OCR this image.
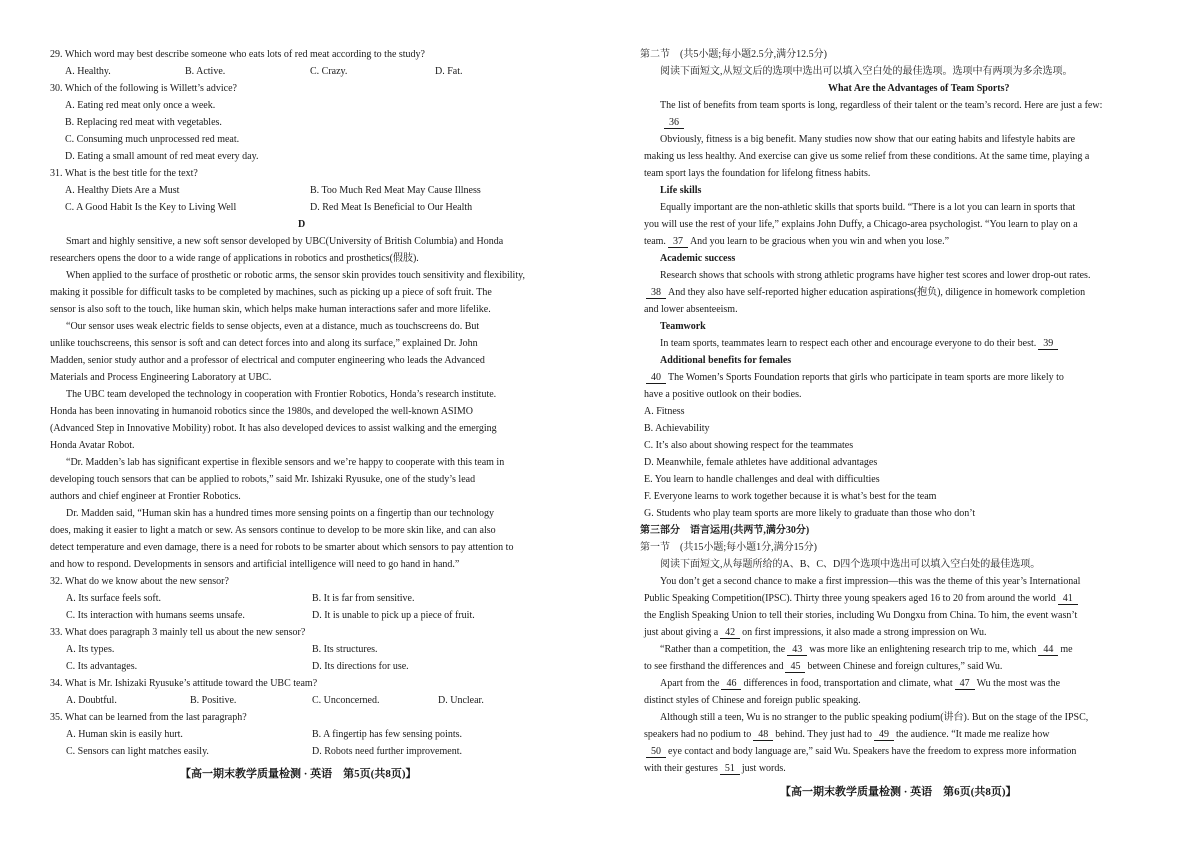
29. Which word may best describe someone who eats lots of red meat according to the study?
A. Healthy.	B. Active.	C. Crazy.	D. Fat.
30. Which of the following is Willett’s advice?
A. Eating red meat only once a week.
B. Replacing red meat with vegetables.
C. Consuming much unprocessed red meat.
D. Eating a small amount of red meat every day.
31. What is the best title for the text?
A. Healthy Diets Are a Must	B. Too Much Red Meat May Cause Illness
C. A Good Habit Is the Key to Living Well	D. Red Meat Is Beneficial to Our Health
D
Smart and highly sensitive, a new soft sensor developed by UBC(University of British Columbia) and Honda
researchers opens the door to a wide range of applications in robotics and prosthetics(假肢).
When applied to the surface of prosthetic or robotic arms, the sensor skin provides touch sensitivity and flexibility,
making it possible for difficult tasks to be completed by machines, such as picking up a piece of soft fruit. The
sensor is also soft to the touch, like human skin, which helps make human interactions safer and more lifelike.
“Our sensor uses weak electric fields to sense objects, even at a distance, much as touchscreens do. But
unlike touchscreens, this sensor is soft and can detect forces into and along its surface,” explained Dr. John
Madden, senior study author and a professor of electrical and computer engineering who leads the Advanced
Materials and Process Engineering Laboratory at UBC.
The UBC team developed the technology in cooperation with Frontier Robotics, Honda’s research institute.
Honda has been innovating in humanoid robotics since the 1980s, and developed the well-known ASIMO
(Advanced Step in Innovative Mobility) robot. It has also developed devices to assist walking and the emerging
Honda Avatar Robot.
“Dr. Madden’s lab has significant expertise in flexible sensors and we’re happy to cooperate with this team in
developing touch sensors that can be applied to robots,” said Mr. Ishizaki Ryusuke, one of the study’s lead
authors and chief engineer at Frontier Robotics.
Dr. Madden said, “Human skin has a hundred times more sensing points on a fingertip than our technology
does, making it easier to light a match or sew. As sensors continue to develop to be more skin like, and can also
detect temperature and even damage, there is a need for robots to be smarter about which sensors to pay attention to
and how to respond. Developments in sensors and artificial intelligence will need to go hand in hand.”
32. What do we know about the new sensor?
A. Its surface feels soft.	B. It is far from sensitive.
C. Its interaction with humans seems unsafe.	D. It is unable to pick up a piece of fruit.
33. What does paragraph 3 mainly tell us about the new sensor?
A. Its types.	B. Its structures.
C. Its advantages.	D. Its directions for use.
34. What is Mr. Ishizaki Ryusuke’s attitude toward the UBC team?
A. Doubtful.	B. Positive.	C. Unconcerned.	D. Unclear.
35. What can be learned from the last paragraph?
A. Human skin is easily hurt.	B. A fingertip has few sensing points.
C. Sensors can light matches easily.	D. Robots need further improvement.
【高一期末教学质量检测 · 英语　第5页(共8页)】
第二节　(共5小题;每小题2.5分,满分12.5分)
阅读下面短文,从短文后的选项中选出可以填入空白处的最佳选项。选项中有两项为多余选项。
What Are the Advantages of Team Sports?
The list of benefits from team sports is long, regardless of their talent or the team’s record. Here are just a few:
36
Obviously, fitness is a big benefit. Many studies now show that our eating habits and lifestyle habits are
making us less healthy. And exercise can give us some relief from these conditions. At the same time, playing a
team sport lays the foundation for lifelong fitness habits.
Life skills
Equally important are the non-athletic skills that sports build. “There is a lot you can learn in sports that
you will use the rest of your life,” explains John Duffy, a Chicago-area psychologist. “You learn to play on a
team. 37 And you learn to be gracious when you win and when you lose.”
Academic success
Research shows that schools with strong athletic programs have higher test scores and lower drop-out rates.
38 And they also have self-reported higher education aspirations(抱负), diligence in homework completion
and lower absenteeism.
Teamwork
In team sports, teammates learn to respect each other and encourage everyone to do their best. 39
Additional benefits for females
40 The Women’s Sports Foundation reports that girls who participate in team sports are more likely to
have a positive outlook on their bodies.
A. Fitness
B. Achievability
C. It’s also about showing respect for the teammates
D. Meanwhile, female athletes have additional advantages
E. You learn to handle challenges and deal with difficulties
F. Everyone learns to work together because it is what’s best for the team
G. Students who play team sports are more likely to graduate than those who don’t
第三部分　语言运用(共两节,满分30分)
第一节　(共15小题;每小题1分,满分15分)
阅读下面短文,从每题所给的A、B、C、D四个选项中选出可以填入空白处的最佳选项。
You don’t get a second chance to make a first impression—this was the theme of this year’s International
Public Speaking Competition(IPSC). Thirty three young speakers aged 16 to 20 from around the world 41
the English Speaking Union to tell their stories, including Wu Dongxu from China. To him, the event wasn’t
just about giving a 42 on first impressions, it also made a strong impression on Wu.
“Rather than a competition, the 43 was more like an enlightening research trip to me, which 44 me
to see firsthand the differences and 45 between Chinese and foreign cultures,” said Wu.
Apart from the 46 differences in food, transportation and climate, what 47 Wu the most was the
distinct styles of Chinese and foreign public speaking.
Although still a teen, Wu is no stranger to the public speaking podium(讲台). But on the stage of the IPSC,
speakers had no podium to 48 behind. They just had to 49 the audience. “It made me realize how
50 eye contact and body language are,” said Wu. Speakers have the freedom to express more information
with their gestures 51 just words.
【高一期末教学质量检测 · 英语　第6页(共8页)】
